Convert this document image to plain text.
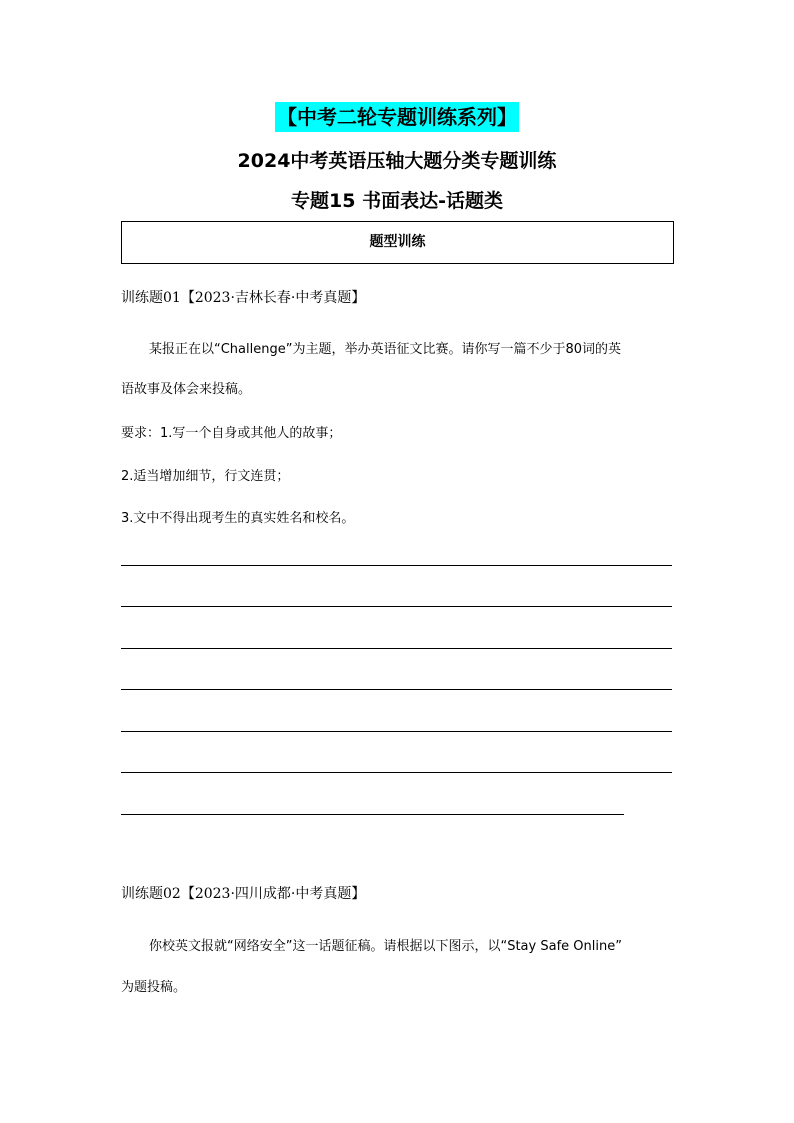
【中考二轮专题训练系列】
2024中考英语压轴大题分类专题训练
专题15 书面表达-话题类
题型训练
训练题01【2023·吉林长春·中考真题】
某报正在以“Challenge”为主题，举办英语征文比赛。请你写一篇不少于80词的英
语故事及体会来投稿。
要求：1.写一个自身或其他人的故事；
2.适当增加细节，行文连贯；
3.文中不得出现考生的真实姓名和校名。
训练题02【2023·四川成都·中考真题】
你校英文报就“网络安全”这一话题征稿。请根据以下图示，以“Stay Safe Online”
为题投稿。
